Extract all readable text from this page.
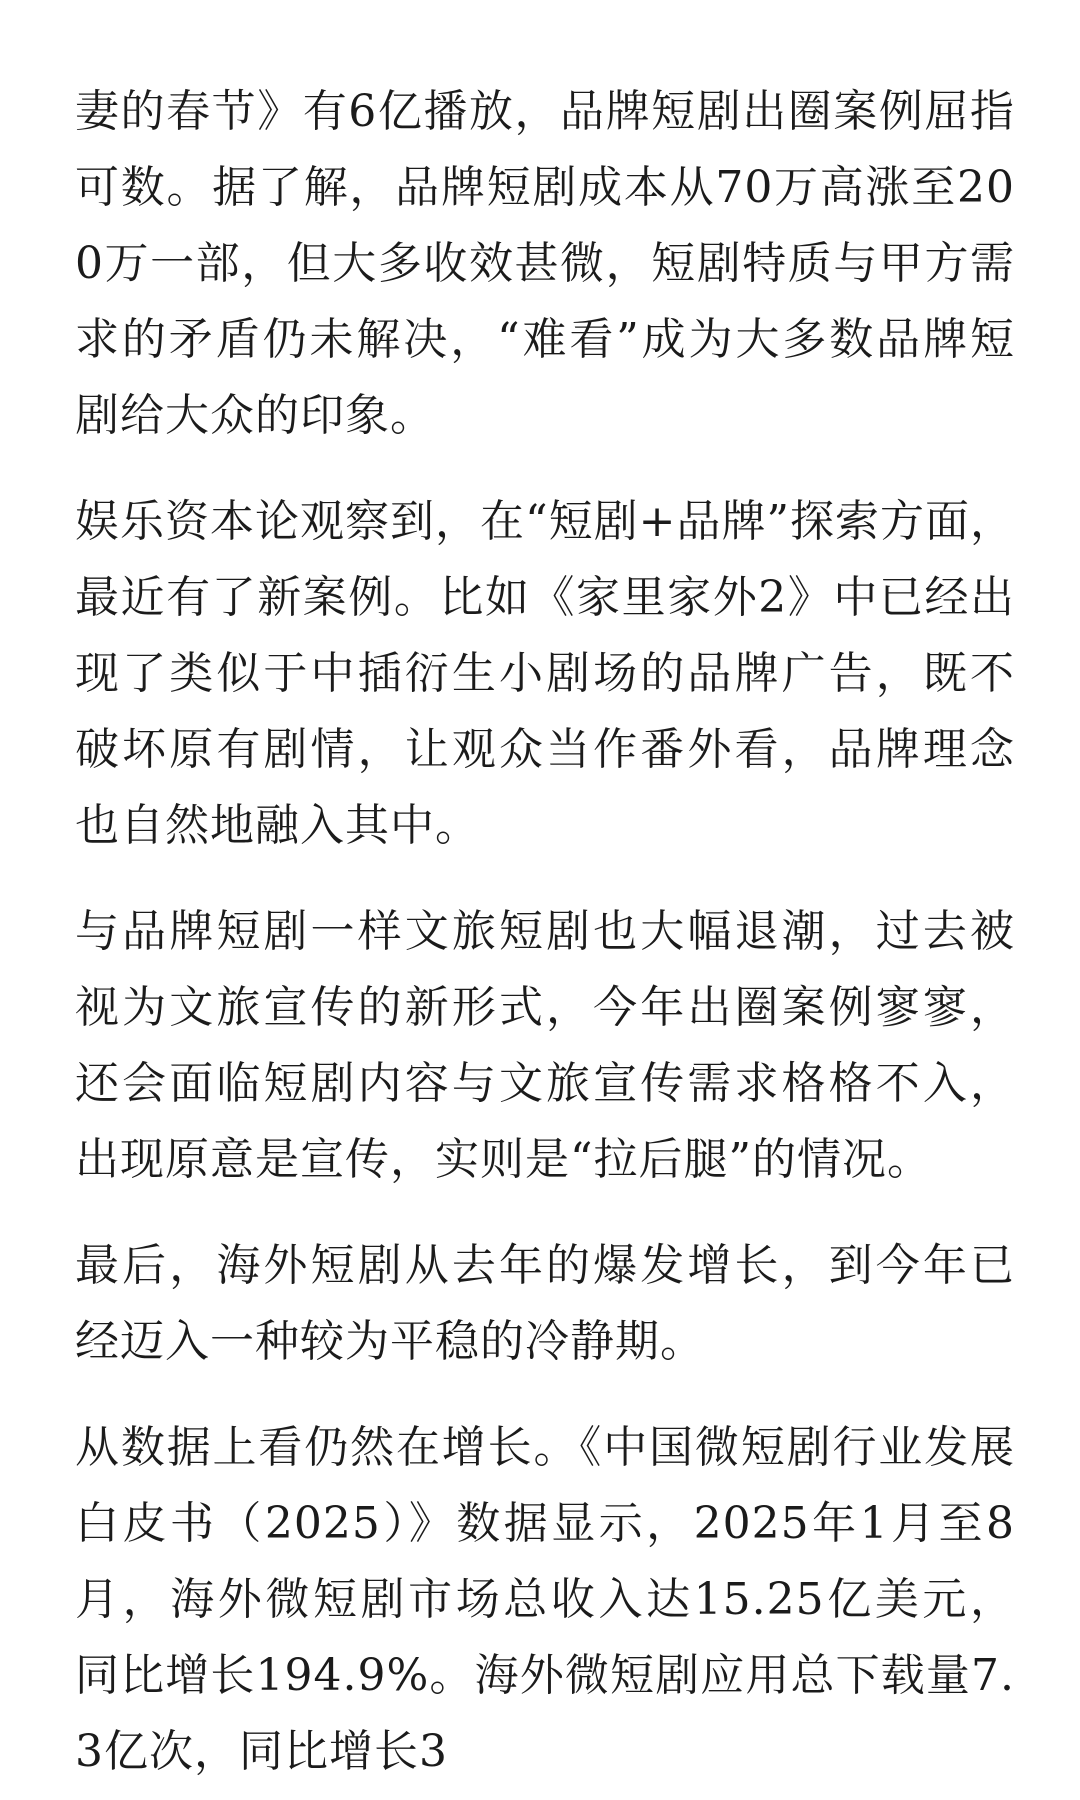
妻的春节》有6亿播放，品牌短剧出圈案例屈指可数。据了解，品牌短剧成本从70万高涨至200万一部，但大多收效甚微，短剧特质与甲方需求的矛盾仍未解决，“难看”成为大多数品牌短剧给大众的印象。

娱乐资本论观察到，在“短剧+品牌”探索方面，最近有了新案例。比如《家里家外2》中已经出现了类似于中插衍生小剧场的品牌广告，既不破坏原有剧情，让观众当作番外看，品牌理念也自然地融入其中。

与品牌短剧一样文旅短剧也大幅退潮，过去被视为文旅宣传的新形式，今年出圈案例寥寥，还会面临短剧内容与文旅宣传需求格格不入，出现原意是宣传，实则是“拉后腿”的情况。

最后，海外短剧从去年的爆发增长，到今年已经迈入一种较为平稳的冷静期。

从数据上看仍然在增长。《中国微短剧行业发展白皮书（2025）》数据显示，2025年1月至8月，海外微短剧市场总收入达15.25亿美元，同比增长194.9%。海外微短剧应用总下载量7.3亿次，同比增长3
